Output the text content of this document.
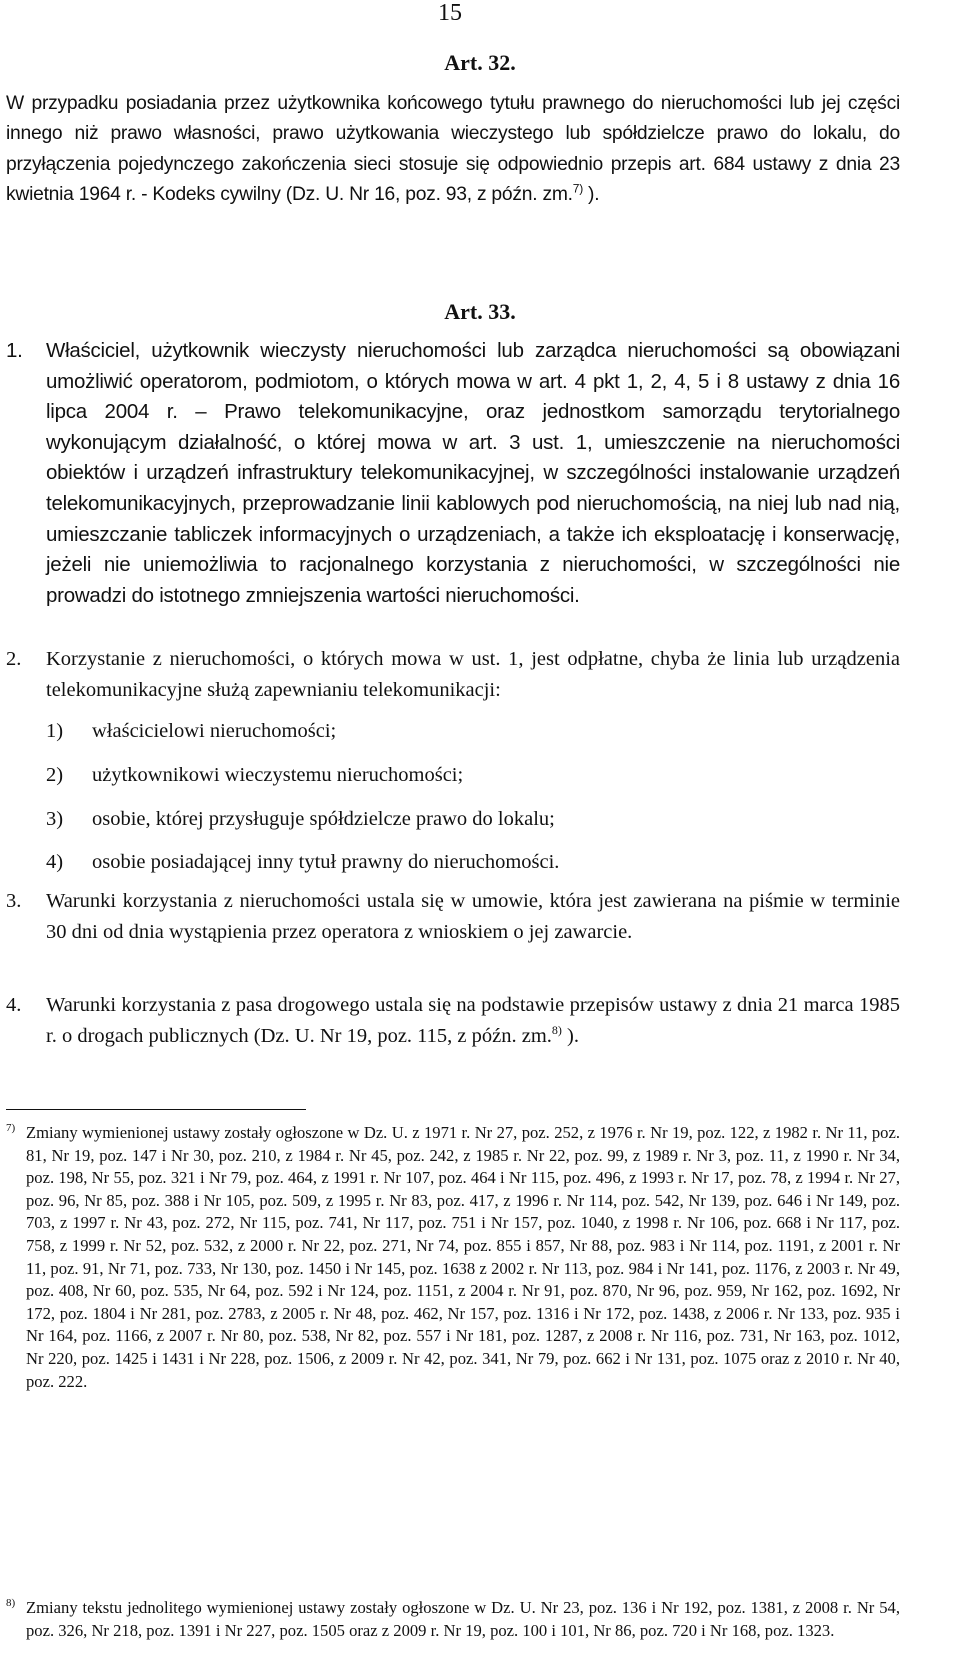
15
Art. 32.
W przypadku posiadania przez użytkownika końcowego tytułu prawnego do nieruchomości lub jej części innego niż prawo własności, prawo użytkowania wieczystego lub spółdzielcze prawo do lokalu, do przyłączenia pojedynczego zakończenia sieci stosuje się odpowiednio przepis art. 684 ustawy z dnia 23 kwietnia 1964 r. - Kodeks cywilny (Dz. U. Nr 16, poz. 93, z późn. zm.$^{7)}$ ).
Art. 33.
1. Właściciel, użytkownik wieczysty nieruchomości lub zarządca nieruchomości są obowiązani umożliwić operatorom, podmiotom, o których mowa w art. 4 pkt 1, 2, 4, 5 i 8 ustawy z dnia 16 lipca 2004 r. – Prawo telekomunikacyjne, oraz jednostkom samorządu terytorialnego wykonującym działalność, o której mowa w art. 3 ust. 1, umieszczenie na nieruchomości obiektów i urządzeń infrastruktury telekomunikacyjnej, w szczególności instalowanie urządzeń telekomunikacyjnych, przeprowadzanie linii kablowych pod nieruchomością, na niej lub nad nią, umieszczanie tabliczek informacyjnych o urządzeniach, a także ich eksploatację i konserwację, jeżeli nie uniemożliwia to racjonalnego korzystania z nieruchomości, w szczególności nie prowadzi do istotnego zmniejszenia wartości nieruchomości.
2. Korzystanie z nieruchomości, o których mowa w ust. 1, jest odpłatne, chyba że linia lub urządzenia telekomunikacyjne służą zapewnianiu telekomunikacji:
1) właścicielowi nieruchomości;
2) użytkownikowi wieczystemu nieruchomości;
3) osobie, której przysługuje spółdzielcze prawo do lokalu;
4) osobie posiadającej inny tytuł prawny do nieruchomości.
3. Warunki korzystania z nieruchomości ustala się w umowie, która jest zawierana na piśmie w terminie 30 dni od dnia wystąpienia przez operatora z wnioskiem o jej zawarcie.
4. Warunki korzystania z pasa drogowego ustala się na podstawie przepisów ustawy z dnia 21 marca 1985 r. o drogach publicznych (Dz. U. Nr 19, poz. 115, z późn. zm.$^{8)}$ ).
7) Zmiany wymienionej ustawy zostały ogłoszone w Dz. U. z 1971 r. Nr 27, poz. 252, z 1976 r. Nr 19, poz. 122, z 1982 r. Nr 11, poz. 81, Nr 19, poz. 147 i Nr 30, poz. 210, z 1984 r. Nr 45, poz. 242, z 1985 r. Nr 22, poz. 99, z 1989 r. Nr 3, poz. 11, z 1990 r. Nr 34, poz. 198, Nr 55, poz. 321 i Nr 79, poz. 464, z 1991 r. Nr 107, poz. 464 i Nr 115, poz. 496, z 1993 r. Nr 17, poz. 78, z 1994 r. Nr 27, poz. 96, Nr 85, poz. 388 i Nr 105, poz. 509, z 1995 r. Nr 83, poz. 417, z 1996 r. Nr 114, poz. 542, Nr 139, poz. 646 i Nr 149, poz. 703, z 1997 r. Nr 43, poz. 272, Nr 115, poz. 741, Nr 117, poz. 751 i Nr 157, poz. 1040, z 1998 r. Nr 106, poz. 668 i Nr 117, poz. 758, z 1999 r. Nr 52, poz. 532, z 2000 r. Nr 22, poz. 271, Nr 74, poz. 855 i 857, Nr 88, poz. 983 i Nr 114, poz. 1191, z 2001 r. Nr 11, poz. 91, Nr 71, poz. 733, Nr 130, poz. 1450 i Nr 145, poz. 1638 z 2002 r. Nr 113, poz. 984 i Nr 141, poz. 1176, z 2003 r. Nr 49, poz. 408, Nr 60, poz. 535, Nr 64, poz. 592 i Nr 124, poz. 1151, z 2004 r. Nr 91, poz. 870, Nr 96, poz. 959, Nr 162, poz. 1692, Nr 172, poz. 1804 i Nr 281, poz. 2783, z 2005 r. Nr 48, poz. 462, Nr 157, poz. 1316 i Nr 172, poz. 1438, z 2006 r. Nr 133, poz. 935 i Nr 164, poz. 1166, z 2007 r. Nr 80, poz. 538, Nr 82, poz. 557 i Nr 181, poz. 1287, z 2008 r. Nr 116, poz. 731, Nr 163, poz. 1012, Nr 220, poz. 1425 i 1431 i Nr 228, poz. 1506, z 2009 r. Nr 42, poz. 341, Nr 79, poz. 662 i Nr 131, poz. 1075 oraz z 2010 r. Nr 40, poz. 222.
8) Zmiany tekstu jednolitego wymienionej ustawy zostały ogłoszone w Dz. U. Nr 23, poz. 136 i Nr 192, poz. 1381, z 2008 r. Nr 54, poz. 326, Nr 218, poz. 1391 i Nr 227, poz. 1505 oraz z 2009 r. Nr 19, poz. 100 i 101, Nr 86, poz. 720 i Nr 168, poz. 1323.
